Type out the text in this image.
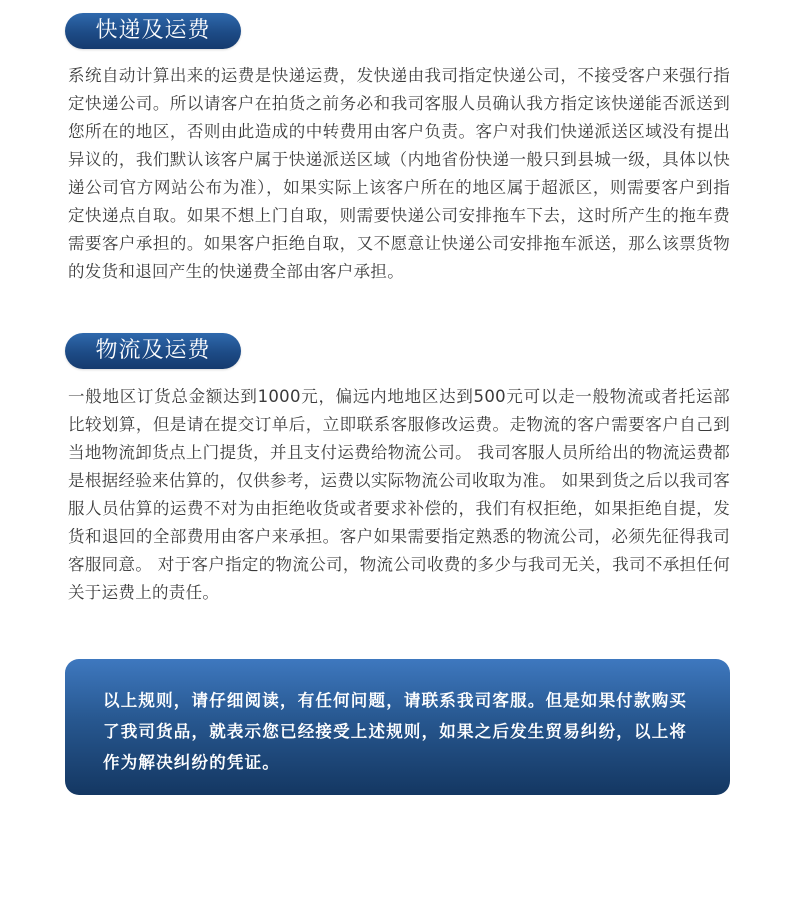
快递及运费

系统自动计算出来的运费是快递运费，发快递由我司指定快递公司，不接受客户来强行指定快递公司。所以请客户在拍货之前务必和我司客服人员确认我方指定该快递能否派送到您所在的地区，否则由此造成的中转费用由客户负责。客户对我们快递派送区域没有提出异议的，我们默认该客户属于快递派送区域（内地省份快递一般只到县城一级，具体以快递公司官方网站公布为准），如果实际上该客户所在的地区属于超派区，则需要客户到指定快递点自取。如果不想上门自取，则需要快递公司安排拖车下去，这时所产生的拖车费需要客户承担的。如果客户拒绝自取，又不愿意让快递公司安排拖车派送，那么该票货物的发货和退回产生的快递费全部由客户承担。

物流及运费

一般地区订货总金额达到1000元，偏远内地地区达到500元可以走一般物流或者托运部比较划算，但是请在提交订单后，立即联系客服修改运费。走物流的客户需要客户自己到当地物流卸货点上门提货，并且支付运费给物流公司。 我司客服人员所给出的物流运费都是根据经验来估算的，仅供参考，运费以实际物流公司收取为准。 如果到货之后以我司客服人员估算的运费不对为由拒绝收货或者要求补偿的，我们有权拒绝，如果拒绝自提，发货和退回的全部费用由客户来承担。客户如果需要指定熟悉的物流公司，必须先征得我司客服同意。 对于客户指定的物流公司，物流公司收费的多少与我司无关，我司不承担任何关于运费上的责任。

以上规则，请仔细阅读，有任何问题，请联系我司客服。但是如果付款购买了我司货品，就表示您已经接受上述规则，如果之后发生贸易纠纷，以上将作为解决纠纷的凭证。
